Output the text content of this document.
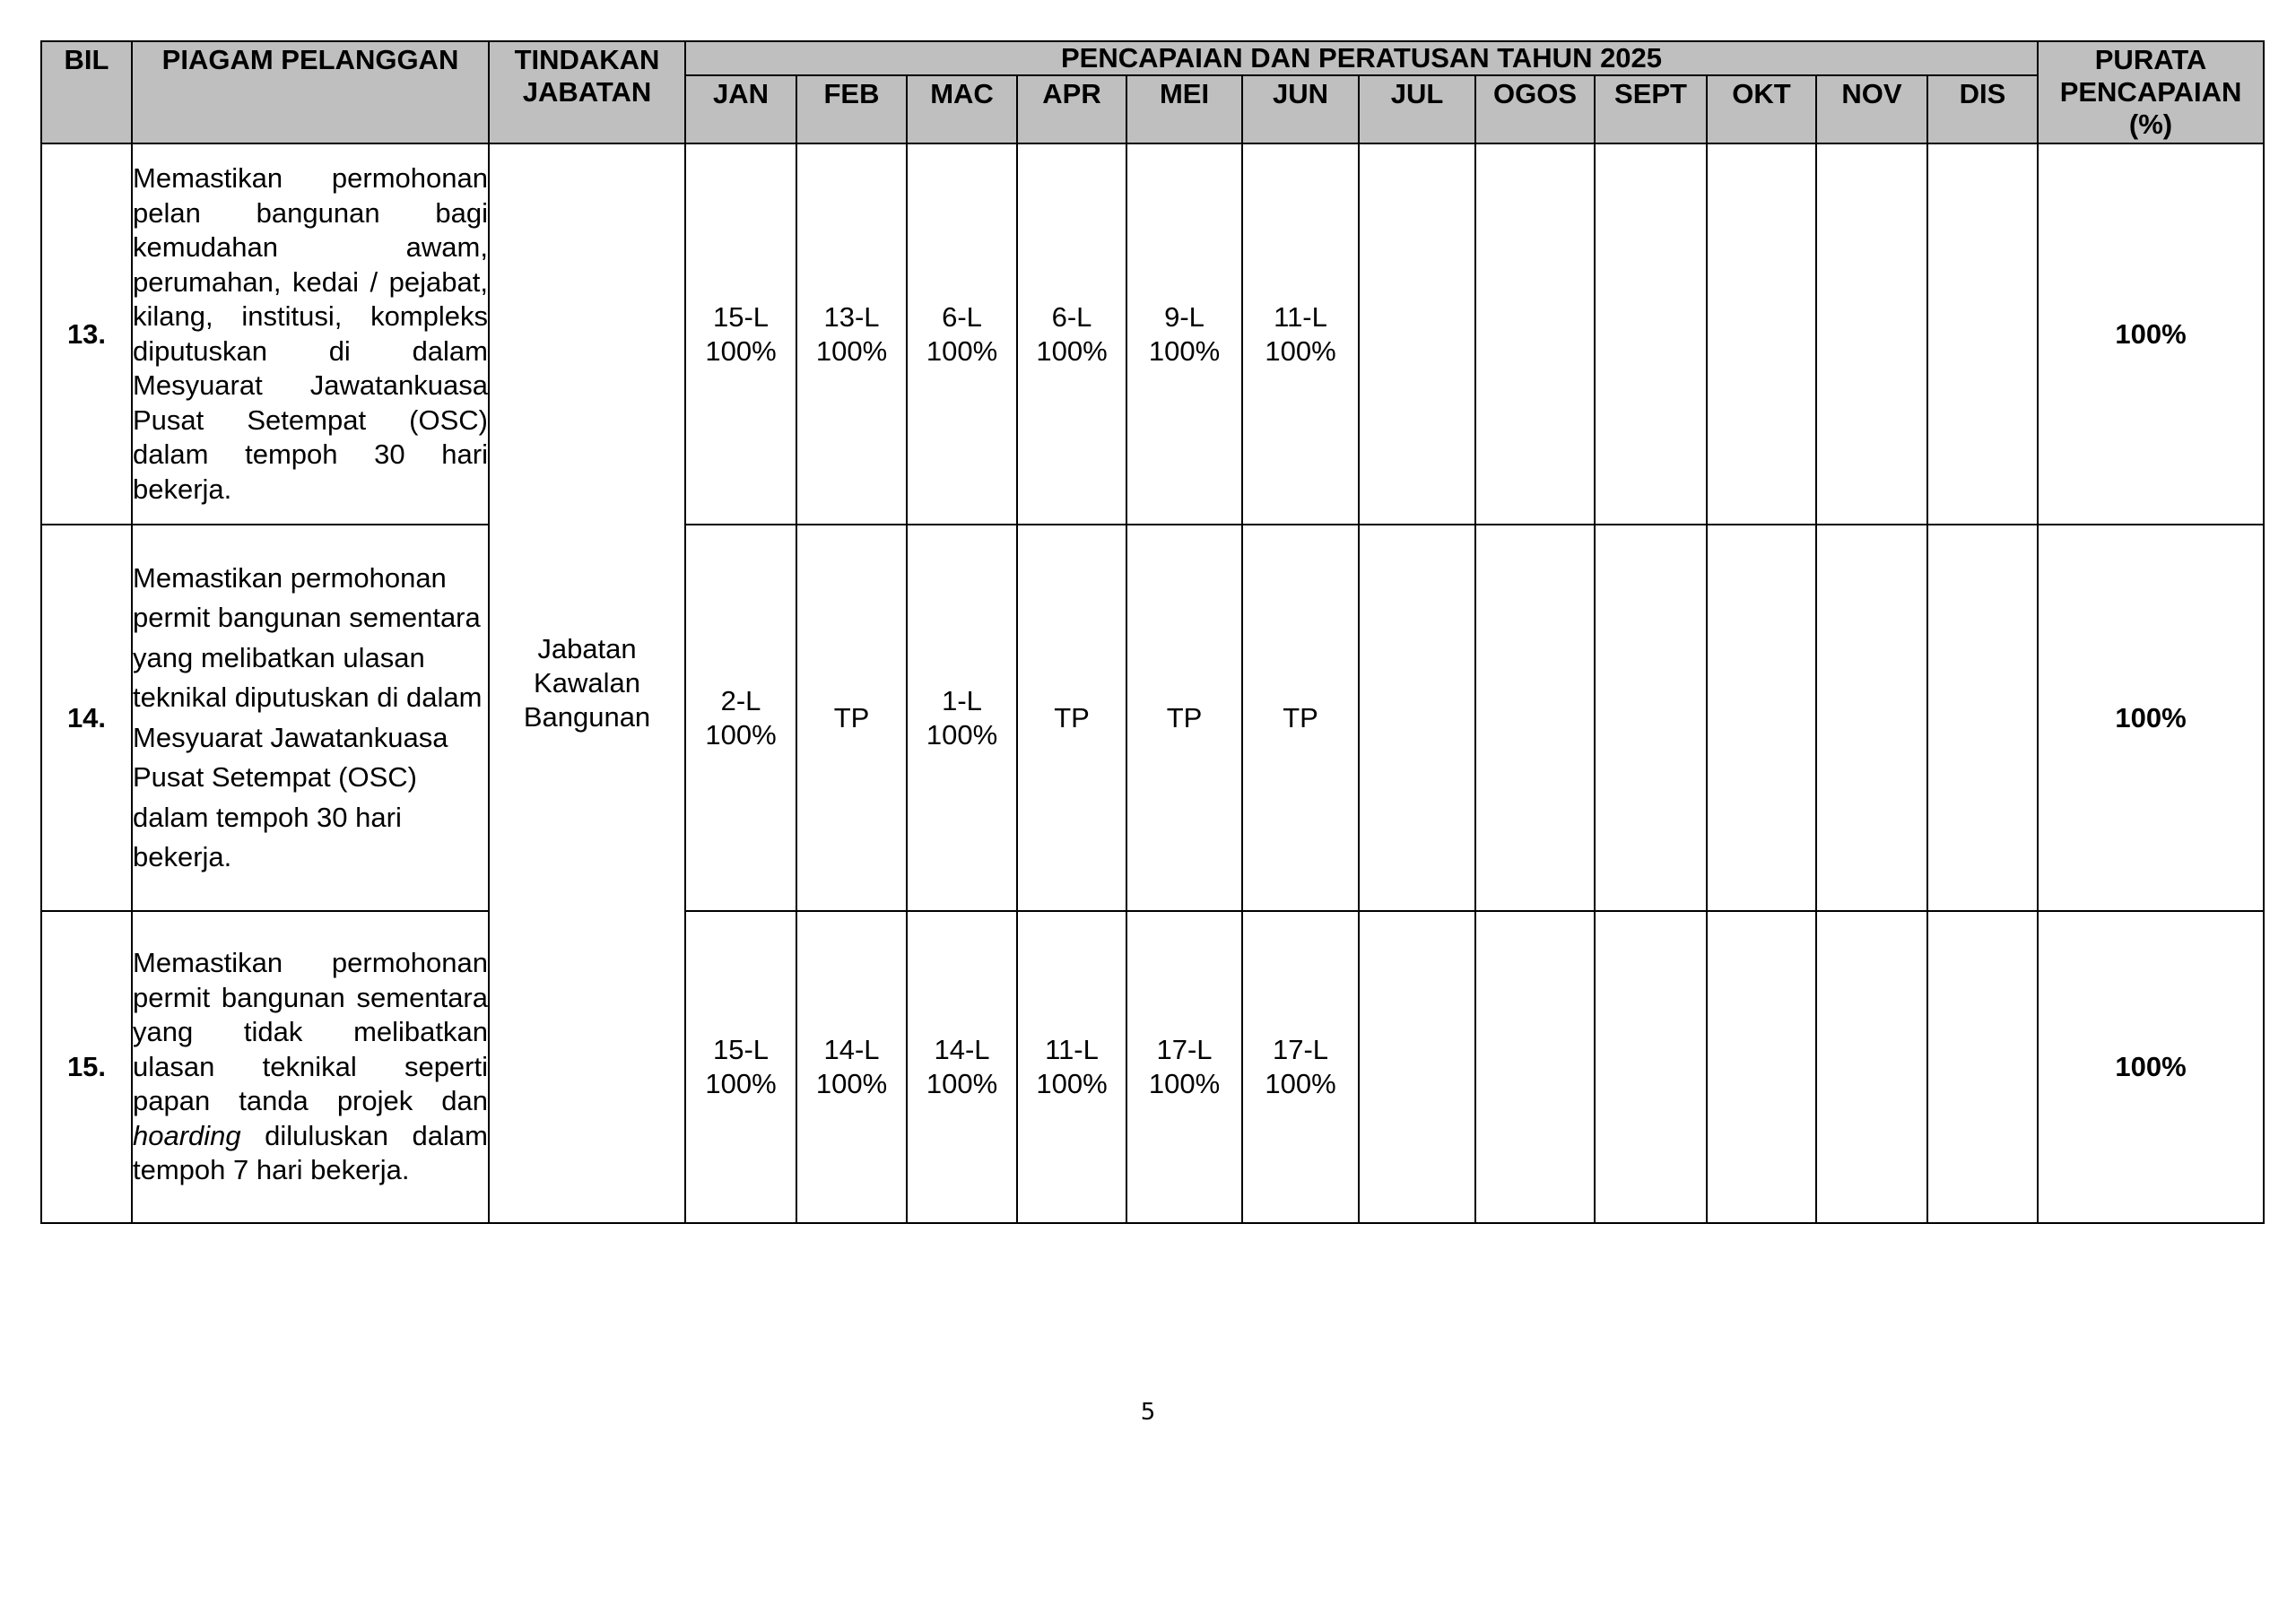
BIL	PIAGAM PELANGGAN	TINDAKAN JABATAN	PENCAPAIAN DAN PERATUSAN TAHUN 2025												PURATA PENCAPAIAN (%)
			JAN	FEB	MAC	APR	MEI	JUN	JUL	OGOS	SEPT	OKT	NOV	DIS	
13.	Memastikan permohonan pelan bangunan bagi kemudahan awam, perumahan, kedai / pejabat, kilang, institusi, kompleks diputuskan di dalam Mesyuarat Jawatankuasa Pusat Setempat (OSC) dalam tempoh 30 hari bekerja.	Jabatan Kawalan Bangunan	15-L
100%	13-L
100%	6-L
100%	6-L
100%	9-L
100%	11-L
100%							100%
14.	Memastikan permohonan permit bangunan sementara yang melibatkan ulasan teknikal diputuskan di dalam Mesyuarat Jawatankuasa Pusat Setempat (OSC) dalam tempoh 30 hari bekerja.		2-L
100%	TP	1-L
100%	TP	TP	TP							100%
15.	Memastikan permohonan permit bangunan sementara yang tidak melibatkan ulasan teknikal seperti papan tanda projek dan hoarding diluluskan dalam tempoh 7 hari bekerja.		15-L
100%	14-L
100%	14-L
100%	11-L
100%	17-L
100%	17-L
100%							100%
5
